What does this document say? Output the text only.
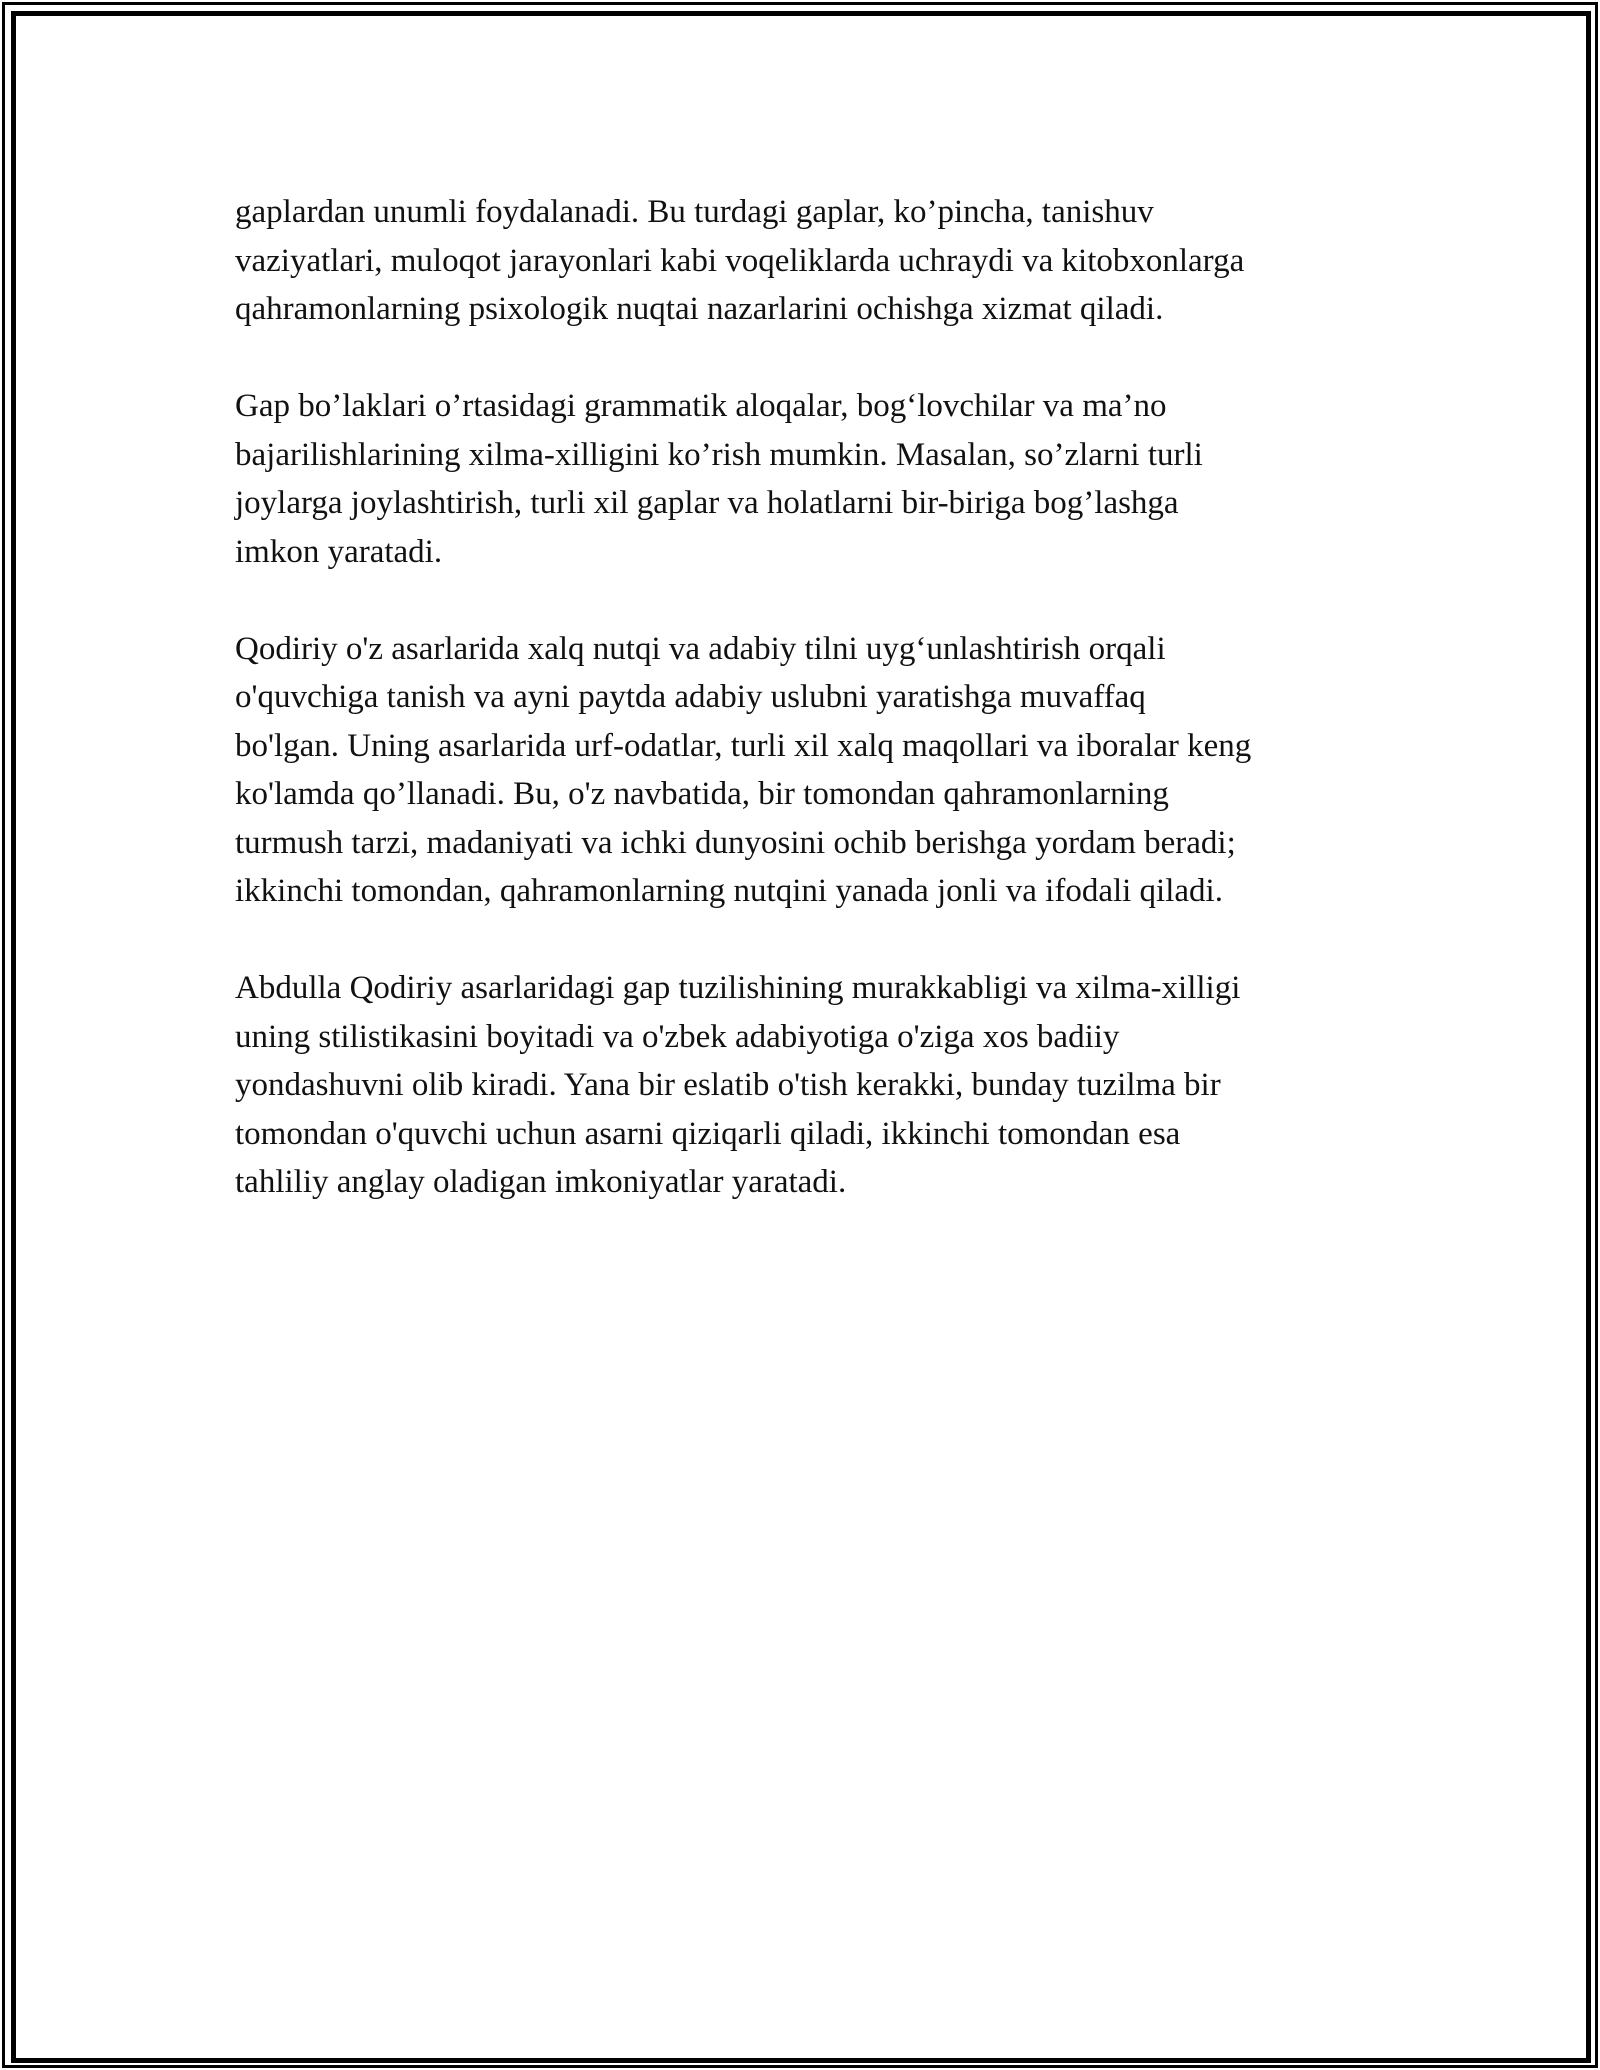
gaplardan unumli foydalanadi. Bu turdagi gaplar, ko’pincha, tanishuv
vaziyatlari, muloqot jarayonlari kabi voqeliklarda uchraydi va kitobxonlarga
qahramonlarning psixologik nuqtai nazarlarini ochishga xizmat qiladi.

Gap bo’laklari o’rtasidagi grammatik aloqalar, bog‘lovchilar va ma’no
bajarilishlarining xilma-xilligini ko’rish mumkin. Masalan, so’zlarni turli
joylarga joylashtirish, turli xil gaplar va holatlarni bir-biriga bog’lashga
imkon yaratadi.

Qodiriy o'z asarlarida xalq nutqi va adabiy tilni uyg‘unlashtirish orqali
o'quvchiga tanish va ayni paytda adabiy uslubni yaratishga muvaffaq
bo'lgan. Uning asarlarida urf-odatlar, turli xil xalq maqollari va iboralar keng
ko'lamda qo’llanadi. Bu, o'z navbatida, bir tomondan qahramonlarning
turmush tarzi, madaniyati va ichki dunyosini ochib berishga yordam beradi;
ikkinchi tomondan, qahramonlarning nutqini yanada jonli va ifodali qiladi.

Abdulla Qodiriy asarlaridagi gap tuzilishining murakkabligi va xilma-xilligi
uning stilistikasini boyitadi va o'zbek adabiyotiga o'ziga xos badiiy
yondashuvni olib kiradi. Yana bir eslatib o'tish kerakki, bunday tuzilma bir
tomondan o'quvchi uchun asarni qiziqarli qiladi, ikkinchi tomondan esa
tahliliy anglay oladigan imkoniyatlar yaratadi.
